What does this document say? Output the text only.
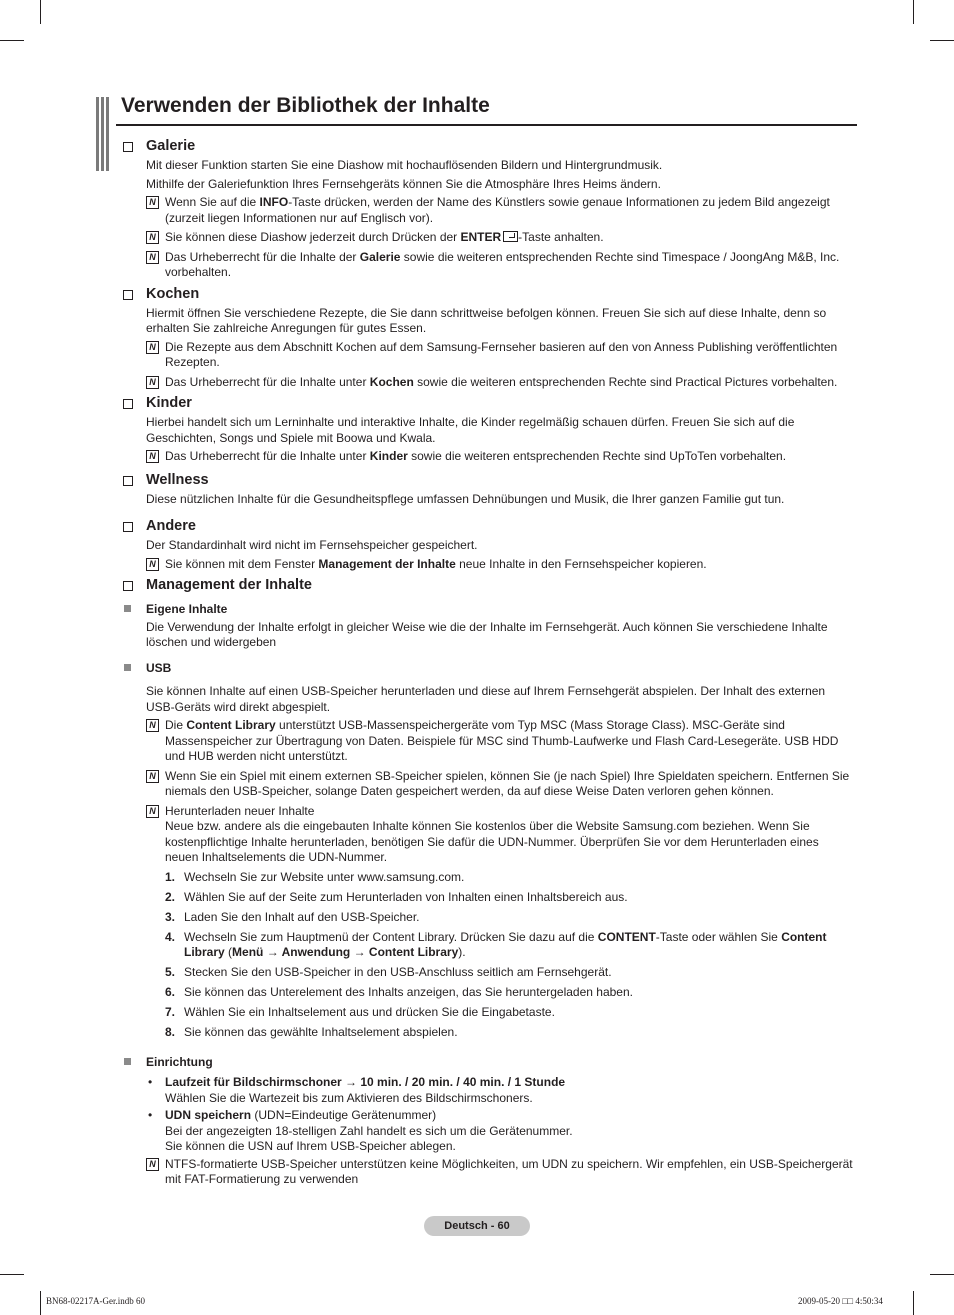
Verwenden der Bibliothek der Inhalte
Galerie
Mit dieser Funktion starten Sie eine Diashow mit hochauflösenden Bildern und Hintergrundmusik.
Mithilfe der Galeriefunktion Ihres Fernsehgeräts können Sie die Atmosphäre Ihres Heims ändern.
N Wenn Sie auf die INFO-Taste drücken, werden der Name des Künstlers sowie genaue Informationen zu jedem Bild angezeigt (zurzeit liegen Informationen nur auf Englisch vor).
N Sie können diese Diashow jederzeit durch Drücken der ENTER -Taste anhalten.
N Das Urheberrecht für die Inhalte der Galerie sowie die weiteren entsprechenden Rechte sind Timespace / JoongAng M&B, Inc. vorbehalten.
Kochen
Hiermit öffnen Sie verschiedene Rezepte, die Sie dann schrittweise befolgen können. Freuen Sie sich auf diese Inhalte, denn so erhalten Sie zahlreiche Anregungen für gutes Essen.
N Die Rezepte aus dem Abschnitt Kochen auf dem Samsung-Fernseher basieren auf den von Anness Publishing veröffentlichten Rezepten.
N Das Urheberrecht für die Inhalte unter Kochen sowie die weiteren entsprechenden Rechte sind Practical Pictures vorbehalten.
Kinder
Hierbei handelt sich um Lerninhalte und interaktive Inhalte, die Kinder regelmäßig schauen dürfen. Freuen Sie sich auf die Geschichten, Songs und Spiele mit Boowa und Kwala.
N Das Urheberrecht für die Inhalte unter Kinder sowie die weiteren entsprechenden Rechte sind UpToTen vorbehalten.
Wellness
Diese nützlichen Inhalte für die Gesundheitspflege umfassen Dehnübungen und Musik, die Ihrer ganzen Familie gut tun.
Andere
Der Standardinhalt wird nicht im Fernsehspeicher gespeichert.
N Sie können mit dem Fenster Management der Inhalte neue Inhalte in den Fernsehspeicher kopieren.
Management der Inhalte
Eigene Inhalte
Die Verwendung der Inhalte erfolgt in gleicher Weise wie die der Inhalte im Fernsehgerät. Auch können Sie verschiedene Inhalte löschen und widergeben
USB
Sie können Inhalte auf einen USB-Speicher herunterladen und diese auf Ihrem Fernsehgerät abspielen. Der Inhalt des externen USB-Geräts wird direkt abgespielt.
N Die Content Library unterstützt USB-Massenspeichergeräte vom Typ MSC (Mass Storage Class). MSC-Geräte sind Massenspeicher zur Übertragung von Daten. Beispiele für MSC sind Thumb-Laufwerke und Flash Card-Lesegeräte. USB HDD und HUB werden nicht unterstützt.
N Wenn Sie ein Spiel mit einem externen SB-Speicher spielen, können Sie (je nach Spiel) Ihre Spieldaten speichern. Entfernen Sie niemals den USB-Speicher, solange Daten gespeichert werden, da auf diese Weise Daten verloren gehen können.
N Herunterladen neuer Inhalte
Neue bzw. andere als die eingebauten Inhalte können Sie kostenlos über die Website Samsung.com beziehen. Wenn Sie kostenpflichtige Inhalte herunterladen, benötigen Sie dafür die UDN-Nummer. Überprüfen Sie vor dem Herunterladen eines neuen Inhaltselements die UDN-Nummer.
1. Wechseln Sie zur Website unter www.samsung.com.
2. Wählen Sie auf der Seite zum Herunterladen von Inhalten einen Inhaltsbereich aus.
3. Laden Sie den Inhalt auf den USB-Speicher.
4. Wechseln Sie zum Hauptmenü der Content Library. Drücken Sie dazu auf die CONTENT-Taste oder wählen Sie Content Library (Menü → Anwendung → Content Library).
5. Stecken Sie den USB-Speicher in den USB-Anschluss seitlich am Fernsehgerät.
6. Sie können das Unterelement des Inhalts anzeigen, das Sie heruntergeladen haben.
7. Wählen Sie ein Inhaltselement aus und drücken Sie die Eingabetaste.
8. Sie können das gewählte Inhaltselement abspielen.
Einrichtung
• Laufzeit für Bildschirmschoner → 10 min. / 20 min. / 40 min. / 1 Stunde
Wählen Sie die Wartezeit bis zum Aktivieren des Bildschirmschoners.
• UDN speichern (UDN=Eindeutige Gerätenummer)
Bei der angezeigten 18-stelligen Zahl handelt es sich um die Gerätenummer.
Sie können die USN auf Ihrem USB-Speicher ablegen.
N NTFS-formatierte USB-Speicher unterstützen keine Möglichkeiten, um UDN zu speichern. Wir empfehlen, ein USB-Speichergerät mit FAT-Formatierung zu verwenden
Deutsch - 60
BN68-02217A-Ger.indb 60	2009-05-20 □□ 4:50:34
